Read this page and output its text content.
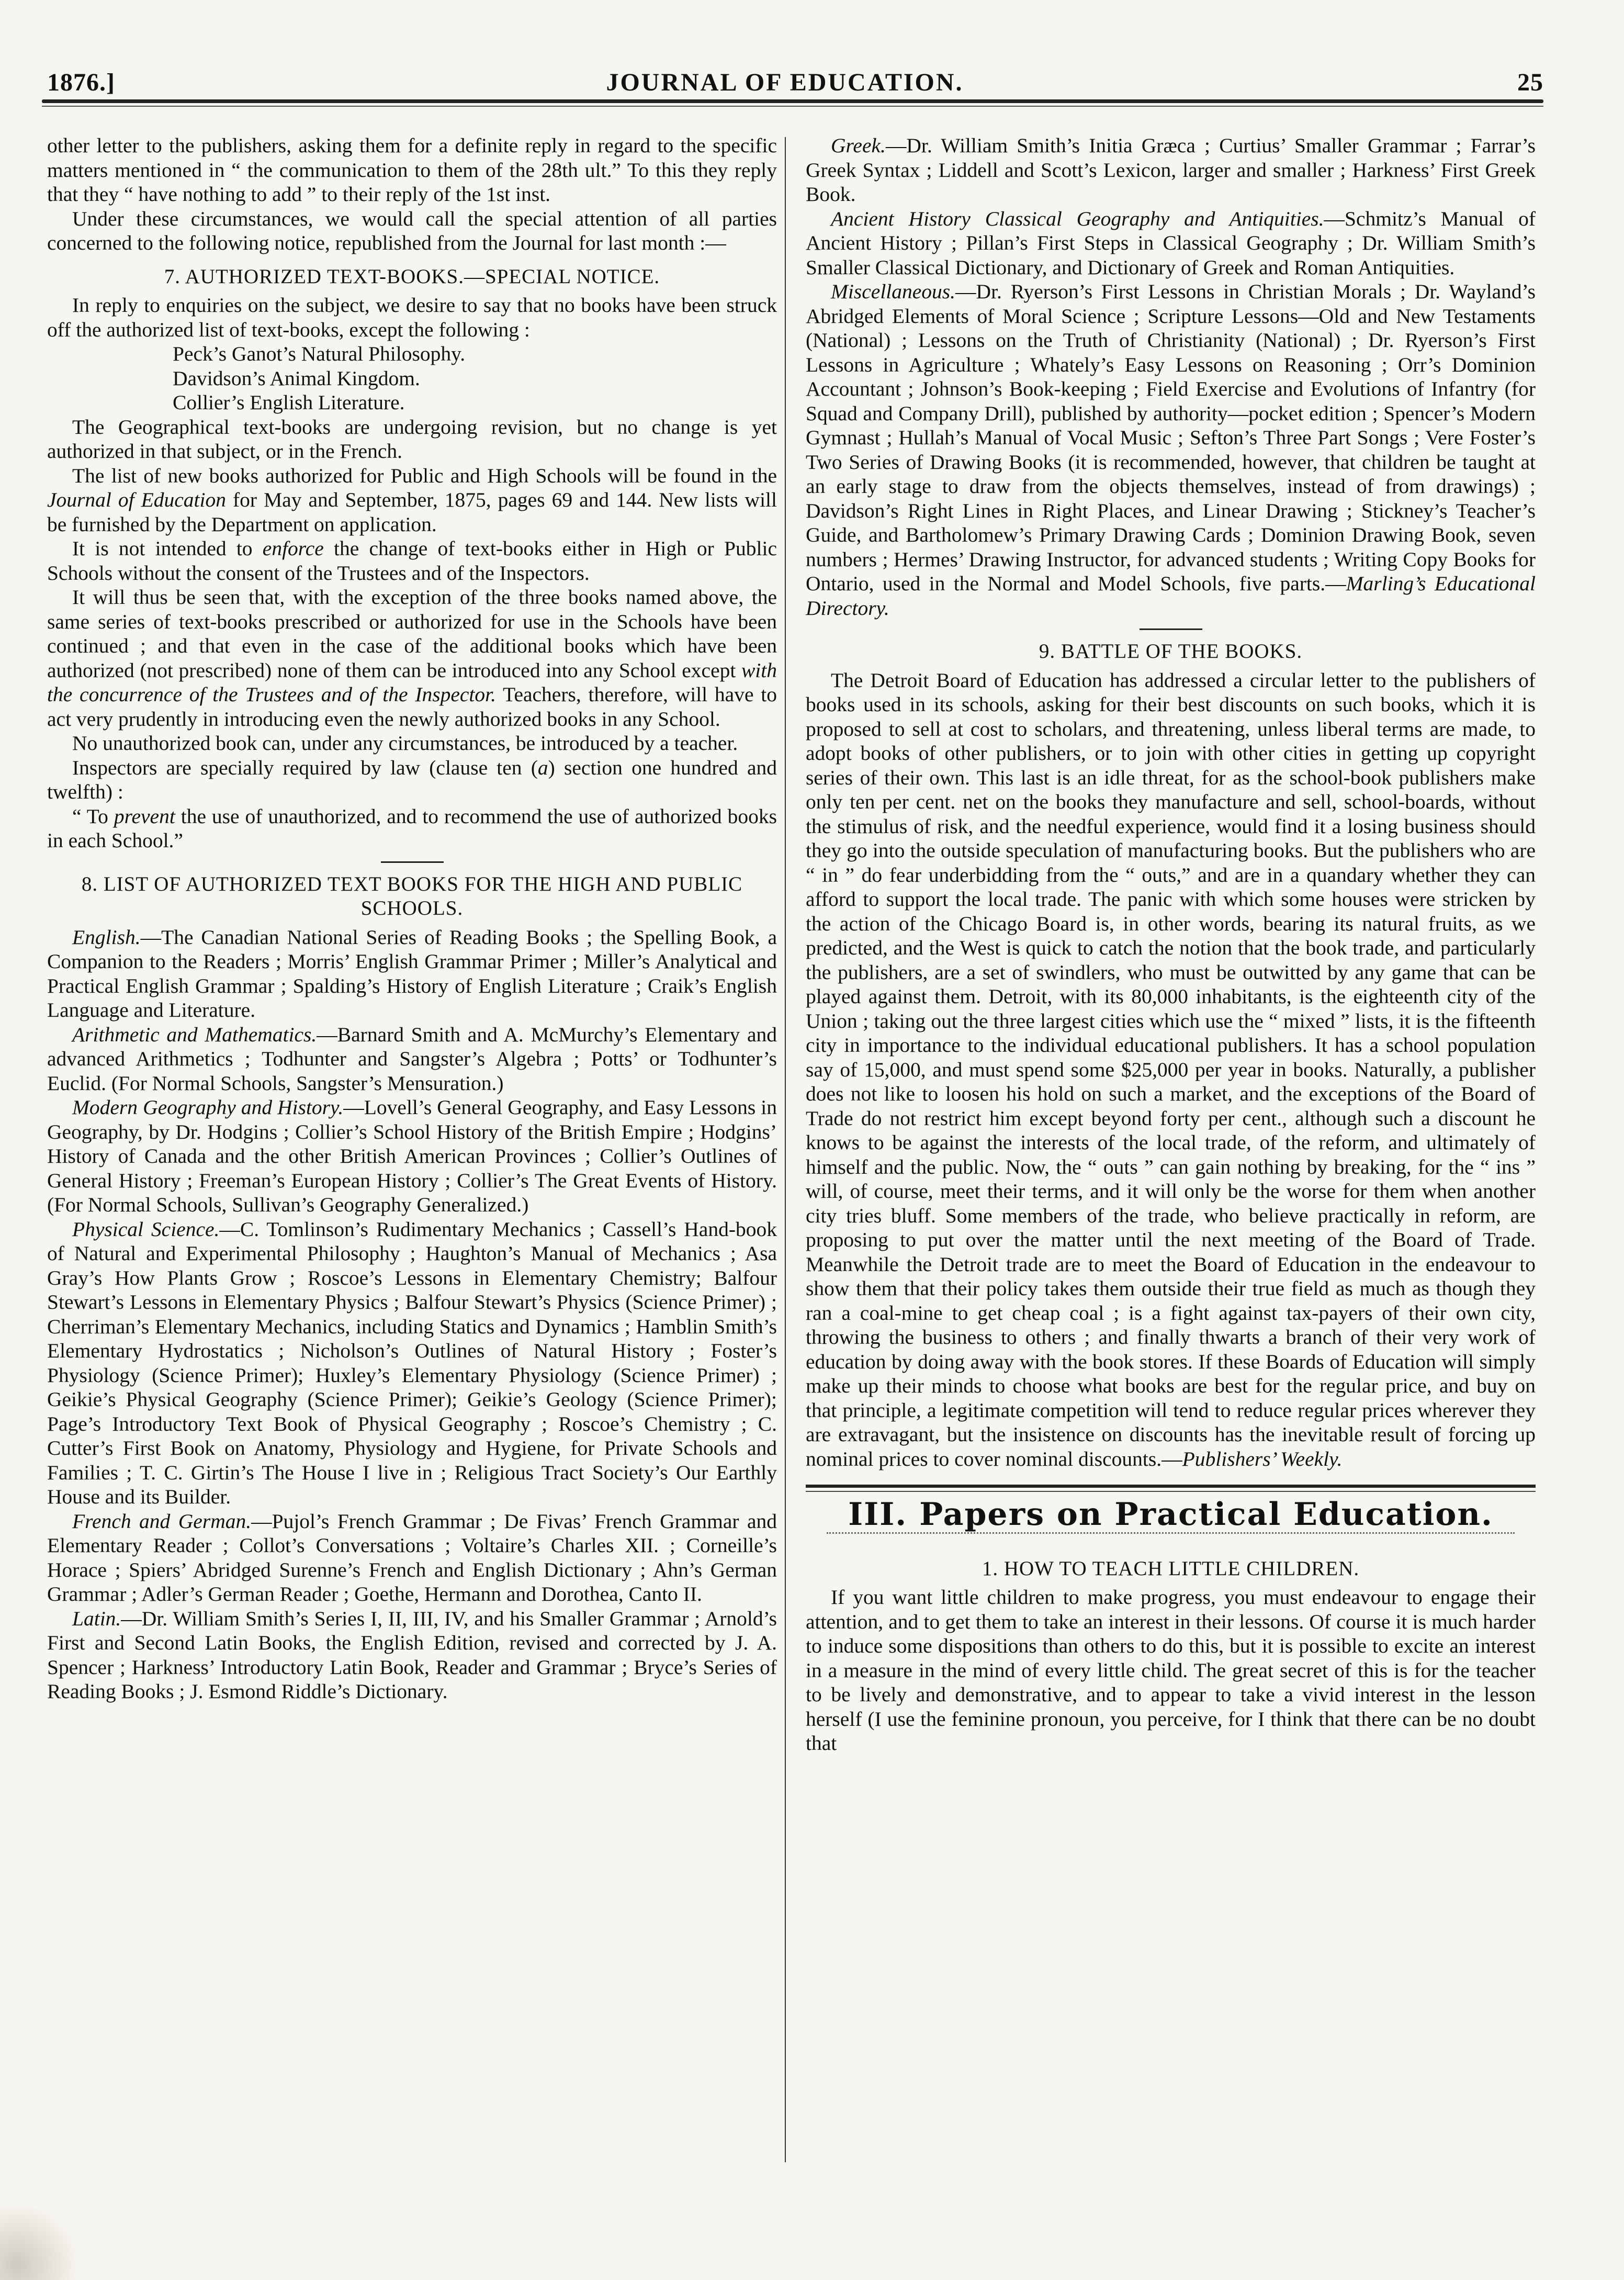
1876.]	JOURNAL OF EDUCATION.	25

other letter to the publishers, asking them for a definite reply in regard to the specific matters mentioned in “ the communication to them of the 28th ult.” To this they reply that they “ have nothing to add ” to their reply of the 1st inst.

Under these circumstances, we would call the special attention of all parties concerned to the following notice, republished from the Journal for last month :—

7. AUTHORIZED TEXT-BOOKS.—SPECIAL NOTICE.

In reply to enquiries on the subject, we desire to say that no books have been struck off the authorized list of text-books, except the following :

Peck’s Ganot’s Natural Philosophy.

Davidson’s Animal Kingdom.

Collier’s English Literature.

The Geographical text-books are undergoing revision, but no change is yet authorized in that subject, or in the French.

The list of new books authorized for Public and High Schools will be found in the Journal of Education for May and September, 1875, pages 69 and 144. New lists will be furnished by the Department on application.

It is not intended to enforce the change of text-books either in High or Public Schools without the consent of the Trustees and of the Inspectors.

It will thus be seen that, with the exception of the three books named above, the same series of text-books prescribed or authorized for use in the Schools have been continued ; and that even in the case of the additional books which have been authorized (not prescribed) none of them can be introduced into any School except with the concurrence of the Trustees and of the Inspector. Teachers, therefore, will have to act very prudently in introducing even the newly authorized books in any School.

No unauthorized book can, under any circumstances, be introduced by a teacher.

Inspectors are specially required by law (clause ten (a) section one hundred and twelfth) :

“ To prevent the use of unauthorized, and to recommend the use of authorized books in each School.”

8. LIST OF AUTHORIZED TEXT BOOKS FOR THE HIGH AND PUBLIC SCHOOLS.

English.—The Canadian National Series of Reading Books ; the Spelling Book, a Companion to the Readers ; Morris’ English Grammar Primer ; Miller’s Analytical and Practical English Grammar ; Spalding’s History of English Literature ; Craik’s English Language and Literature.

Arithmetic and Mathematics.—Barnard Smith and A. McMurchy’s Elementary and advanced Arithmetics ; Todhunter and Sangster’s Algebra ; Potts’ or Todhunter’s Euclid. (For Normal Schools, Sangster’s Mensuration.)

Modern Geography and History.—Lovell’s General Geography, and Easy Lessons in Geography, by Dr. Hodgins ; Collier’s School History of the British Empire ; Hodgins’ History of Canada and the other British American Provinces ; Collier’s Outlines of General History ; Freeman’s European History ; Collier’s The Great Events of History. (For Normal Schools, Sullivan’s Geography Generalized.)

Physical Science.—C. Tomlinson’s Rudimentary Mechanics ; Cassell’s Hand-book of Natural and Experimental Philosophy ; Haughton’s Manual of Mechanics ; Asa Gray’s How Plants Grow ; Roscoe’s Lessons in Elementary Chemistry; Balfour Stewart’s Lessons in Elementary Physics ; Balfour Stewart’s Physics (Science Primer) ; Cherriman’s Elementary Mechanics, including Statics and Dynamics ; Hamblin Smith’s Elementary Hydrostatics ; Nicholson’s Outlines of Natural History ; Foster’s Physiology (Science Primer); Huxley’s Elementary Physiology (Science Primer) ; Geikie’s Physical Geography (Science Primer); Geikie’s Geology (Science Primer); Page’s Introductory Text Book of Physical Geography ; Roscoe’s Chemistry ; C. Cutter’s First Book on Anatomy, Physiology and Hygiene, for Private Schools and Families ; T. C. Girtin’s The House I live in ; Religious Tract Society’s Our Earthly House and its Builder.

French and German.—Pujol’s French Grammar ; De Fivas’ French Grammar and Elementary Reader ; Collot’s Conversations ; Voltaire’s Charles XII. ; Corneille’s Horace ; Spiers’ Abridged Surenne’s French and English Dictionary ; Ahn’s German Grammar ; Adler’s German Reader ; Goethe, Hermann and Dorothea, Canto II.

Latin.—Dr. William Smith’s Series I, II, III, IV, and his Smaller Grammar ; Arnold’s First and Second Latin Books, the English Edition, revised and corrected by J. A. Spencer ; Harkness’ Introductory Latin Book, Reader and Grammar ; Bryce’s Series of Reading Books ; J. Esmond Riddle’s Dictionary.

Greek.—Dr. William Smith’s Initia Græca ; Curtius’ Smaller Grammar ; Farrar’s Greek Syntax ; Liddell and Scott’s Lexicon, larger and smaller ; Harkness’ First Greek Book.

Ancient History Classical Geography and Antiquities.—Schmitz’s Manual of Ancient History ; Pillan’s First Steps in Classical Geography ; Dr. William Smith’s Smaller Classical Dictionary, and Dictionary of Greek and Roman Antiquities.

Miscellaneous.—Dr. Ryerson’s First Lessons in Christian Morals ; Dr. Wayland’s Abridged Elements of Moral Science ; Scripture Lessons—Old and New Testaments (National) ; Lessons on the Truth of Christianity (National) ; Dr. Ryerson’s First Lessons in Agriculture ; Whately’s Easy Lessons on Reasoning ; Orr’s Dominion Accountant ; Johnson’s Book-keeping ; Field Exercise and Evolutions of Infantry (for Squad and Company Drill), published by authority—pocket edition ; Spencer’s Modern Gymnast ; Hullah’s Manual of Vocal Music ; Sefton’s Three Part Songs ; Vere Foster’s Two Series of Drawing Books (it is recommended, however, that children be taught at an early stage to draw from the objects themselves, instead of from drawings) ; Davidson’s Right Lines in Right Places, and Linear Drawing ; Stickney’s Teacher’s Guide, and Bartholomew’s Primary Drawing Cards ; Dominion Drawing Book, seven numbers ; Hermes’ Drawing Instructor, for advanced students ; Writing Copy Books for Ontario, used in the Normal and Model Schools, five parts.—Marling’s Educational Directory.

9. BATTLE OF THE BOOKS.

The Detroit Board of Education has addressed a circular letter to the publishers of books used in its schools, asking for their best discounts on such books, which it is proposed to sell at cost to scholars, and threatening, unless liberal terms are made, to adopt books of other publishers, or to join with other cities in getting up copyright series of their own. This last is an idle threat, for as the school-book publishers make only ten per cent. net on the books they manufacture and sell, school-boards, without the stimulus of risk, and the needful experience, would find it a losing business should they go into the outside speculation of manufacturing books. But the publishers who are “ in ” do fear underbidding from the “ outs,” and are in a quandary whether they can afford to support the local trade. The panic with which some houses were stricken by the action of the Chicago Board is, in other words, bearing its natural fruits, as we predicted, and the West is quick to catch the notion that the book trade, and particularly the publishers, are a set of swindlers, who must be outwitted by any game that can be played against them. Detroit, with its 80,000 inhabitants, is the eighteenth city of the Union ; taking out the three largest cities which use the “ mixed ” lists, it is the fifteenth city in importance to the individual educational publishers. It has a school population say of 15,000, and must spend some $25,000 per year in books. Naturally, a publisher does not like to loosen his hold on such a market, and the exceptions of the Board of Trade do not restrict him except beyond forty per cent., although such a discount he knows to be against the interests of the local trade, of the reform, and ultimately of himself and the public. Now, the “ outs ” can gain nothing by breaking, for the “ ins ” will, of course, meet their terms, and it will only be the worse for them when another city tries bluff. Some members of the trade, who believe practically in reform, are proposing to put over the matter until the next meeting of the Board of Trade. Meanwhile the Detroit trade are to meet the Board of Education in the endeavour to show them that their policy takes them outside their true field as much as though they ran a coal-mine to get cheap coal ; is a fight against tax-payers of their own city, throwing the business to others ; and finally thwarts a branch of their very work of education by doing away with the book stores. If these Boards of Education will simply make up their minds to choose what books are best for the regular price, and buy on that principle, a legitimate competition will tend to reduce regular prices wherever they are extravagant, but the insistence on discounts has the inevitable result of forcing up nominal prices to cover nominal discounts.—Publishers’ Weekly.

III. Papers on Practical Education.
1. HOW TO TEACH LITTLE CHILDREN.

If you want little children to make progress, you must endeavour to engage their attention, and to get them to take an interest in their lessons. Of course it is much harder to induce some dispositions than others to do this, but it is possible to excite an interest in a measure in the mind of every little child. The great secret of this is for the teacher to be lively and demonstrative, and to appear to take a vivid interest in the lesson herself (I use the feminine pronoun, you perceive, for I think that there can be no doubt that
